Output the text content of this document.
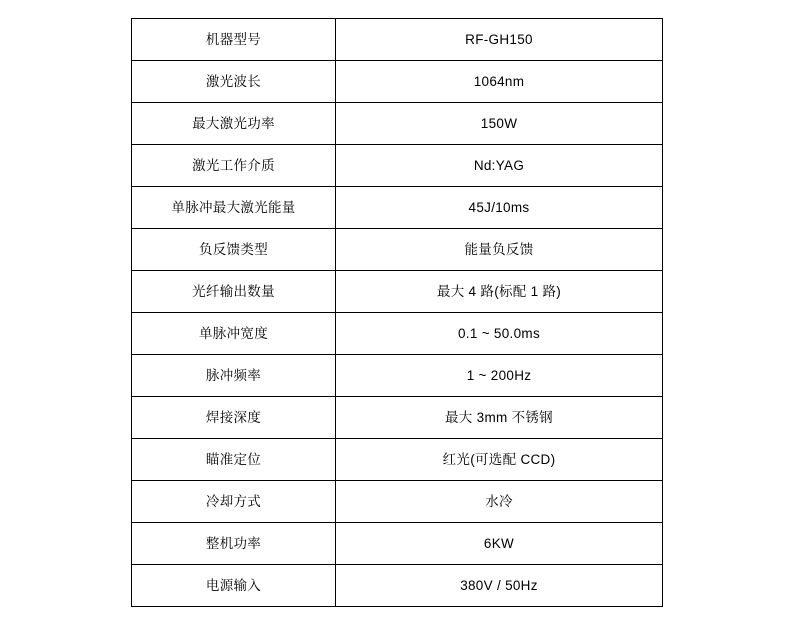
机器型号	RF-GH150
激光波长	1064nm
最大激光功率	150W
激光工作介质	Nd:YAG
单脉冲最大激光能量	45J/10ms
负反馈类型	能量负反馈
光纤输出数量	最大 4 路(标配 1 路)
单脉冲宽度	0.1 ~ 50.0ms
脉冲频率	1 ~ 200Hz
焊接深度	最大 3mm 不锈钢
瞄准定位	红光(可选配 CCD)
冷却方式	水冷
整机功率	6KW
电源输入	380V / 50Hz
